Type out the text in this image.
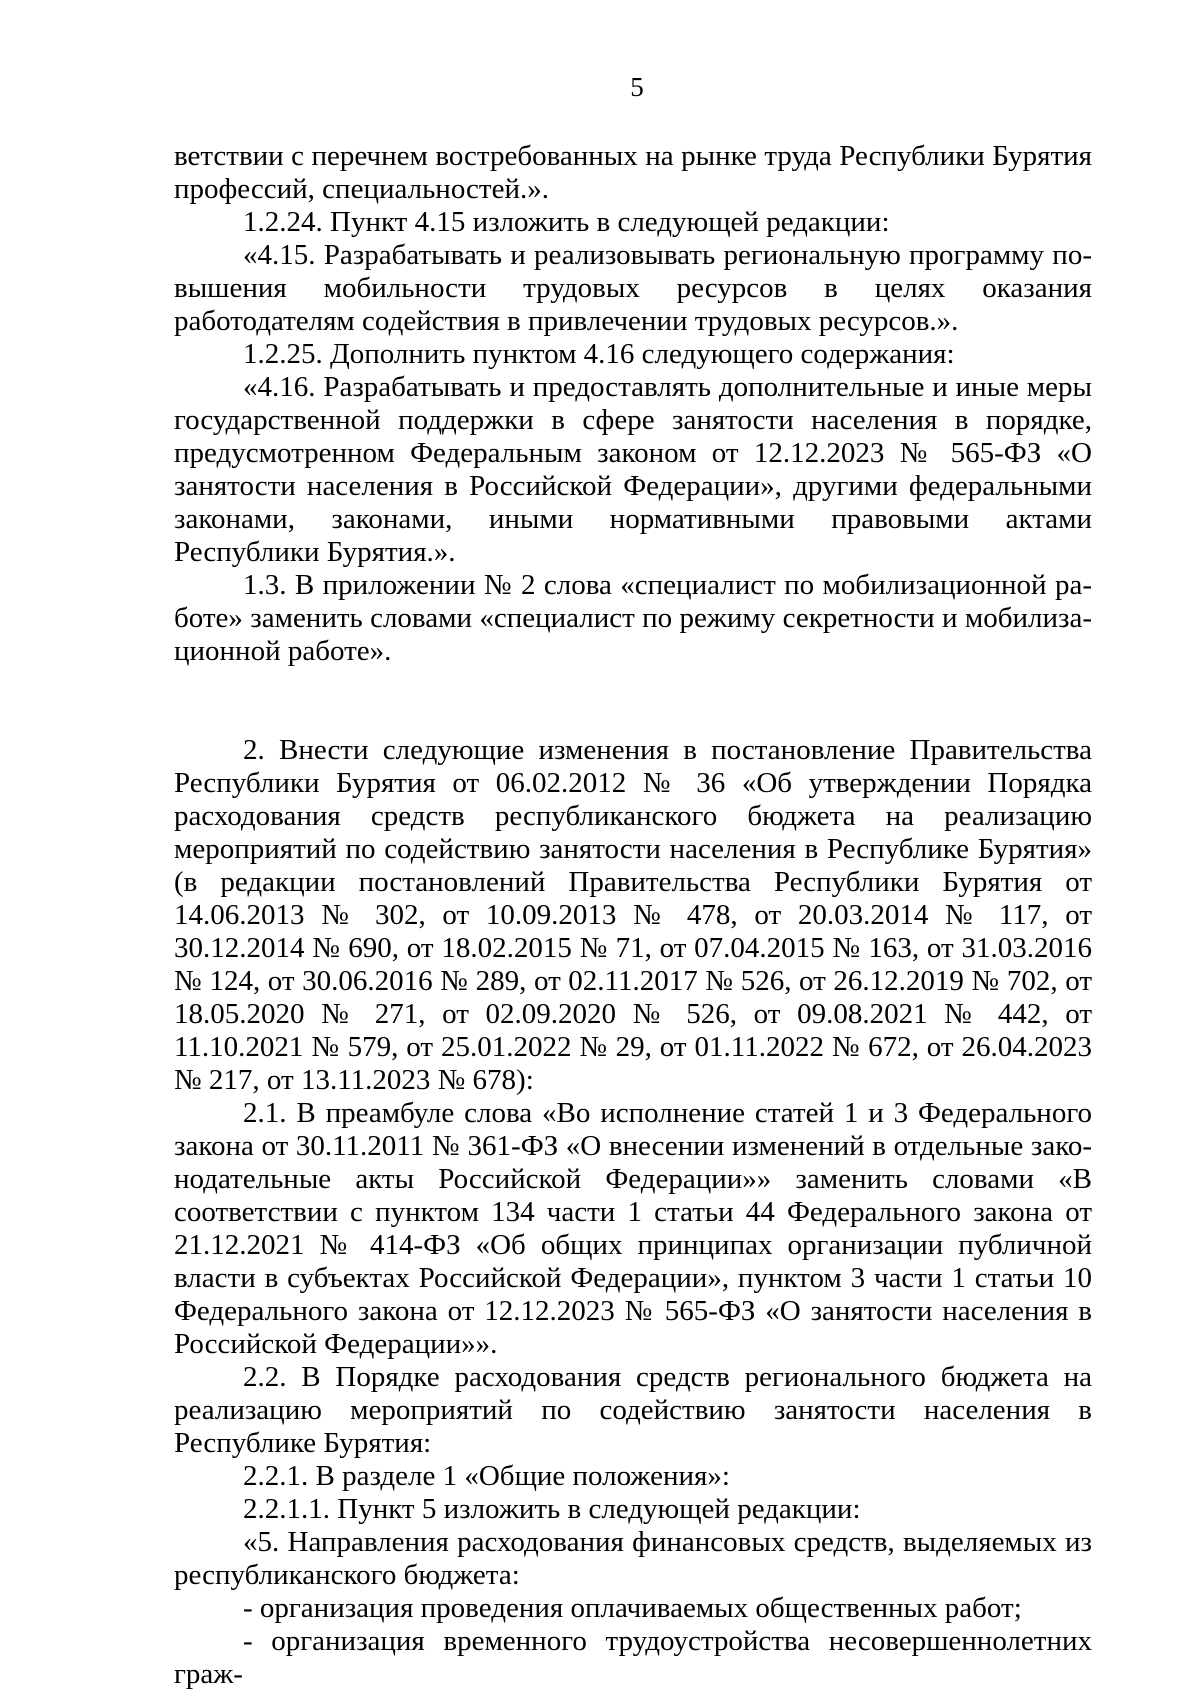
5

ветствии с перечнем востребованных на рынке труда Республики Бурятия профессий, специальностей.».

1.2.24. Пункт 4.15 изложить в следующей редакции:

«4.15. Разрабатывать и реализовывать региональную программу повышения мобильности трудовых ресурсов в целях оказания работодателям содействия в привлечении трудовых ресурсов.».

1.2.25. Дополнить пунктом 4.16 следующего содержания:

«4.16. Разрабатывать и предоставлять дополнительные и иные меры государственной поддержки в сфере занятости населения в порядке, предусмотренном Федеральным законом от 12.12.2023 № 565-ФЗ «О занятости населения в Российской Федерации», другими федеральными законами, законами, иными нормативными правовыми актами Республики Бурятия.».

1.3. В приложении № 2 слова «специалист по мобилизационной работе» заменить словами «специалист по режиму секретности и мобилизационной работе».

2. Внести следующие изменения в постановление Правительства Республики Бурятия от 06.02.2012 № 36 «Об утверждении Порядка расходования средств республиканского бюджета на реализацию мероприятий по содействию занятости населения в Республике Бурятия» (в редакции постановлений Правительства Республики Бурятия от 14.06.2013 № 302, от 10.09.2013 № 478, от 20.03.2014 № 117, от 30.12.2014 № 690, от 18.02.2015 № 71, от 07.04.2015 № 163, от 31.03.2016 № 124, от 30.06.2016 № 289, от 02.11.2017 № 526, от 26.12.2019 № 702, от 18.05.2020 № 271, от 02.09.2020 № 526, от 09.08.2021 № 442, от 11.10.2021 № 579, от 25.01.2022 № 29, от 01.11.2022 № 672, от 26.04.2023 № 217, от 13.11.2023 № 678):

2.1. В преамбуле слова «Во исполнение статей 1 и 3 Федерального закона от 30.11.2011 № 361-ФЗ «О внесении изменений в отдельные законодательные акты Российской Федерации»» заменить словами «В соответствии с пунктом 134 части 1 статьи 44 Федерального закона от 21.12.2021 № 414-ФЗ «Об общих принципах организации публичной власти в субъектах Российской Федерации», пунктом 3 части 1 статьи 10 Федерального закона от 12.12.2023 № 565-ФЗ «О занятости населения в Российской Федерации»».

2.2. В Порядке расходования средств регионального бюджета на реализацию мероприятий по содействию занятости населения в Республике Бурятия:

2.2.1. В разделе 1 «Общие положения»:

2.2.1.1. Пункт 5 изложить в следующей редакции:

«5. Направления расходования финансовых средств, выделяемых из республиканского бюджета:

- организация проведения оплачиваемых общественных работ;

- организация временного трудоустройства несовершеннолетних граж-
